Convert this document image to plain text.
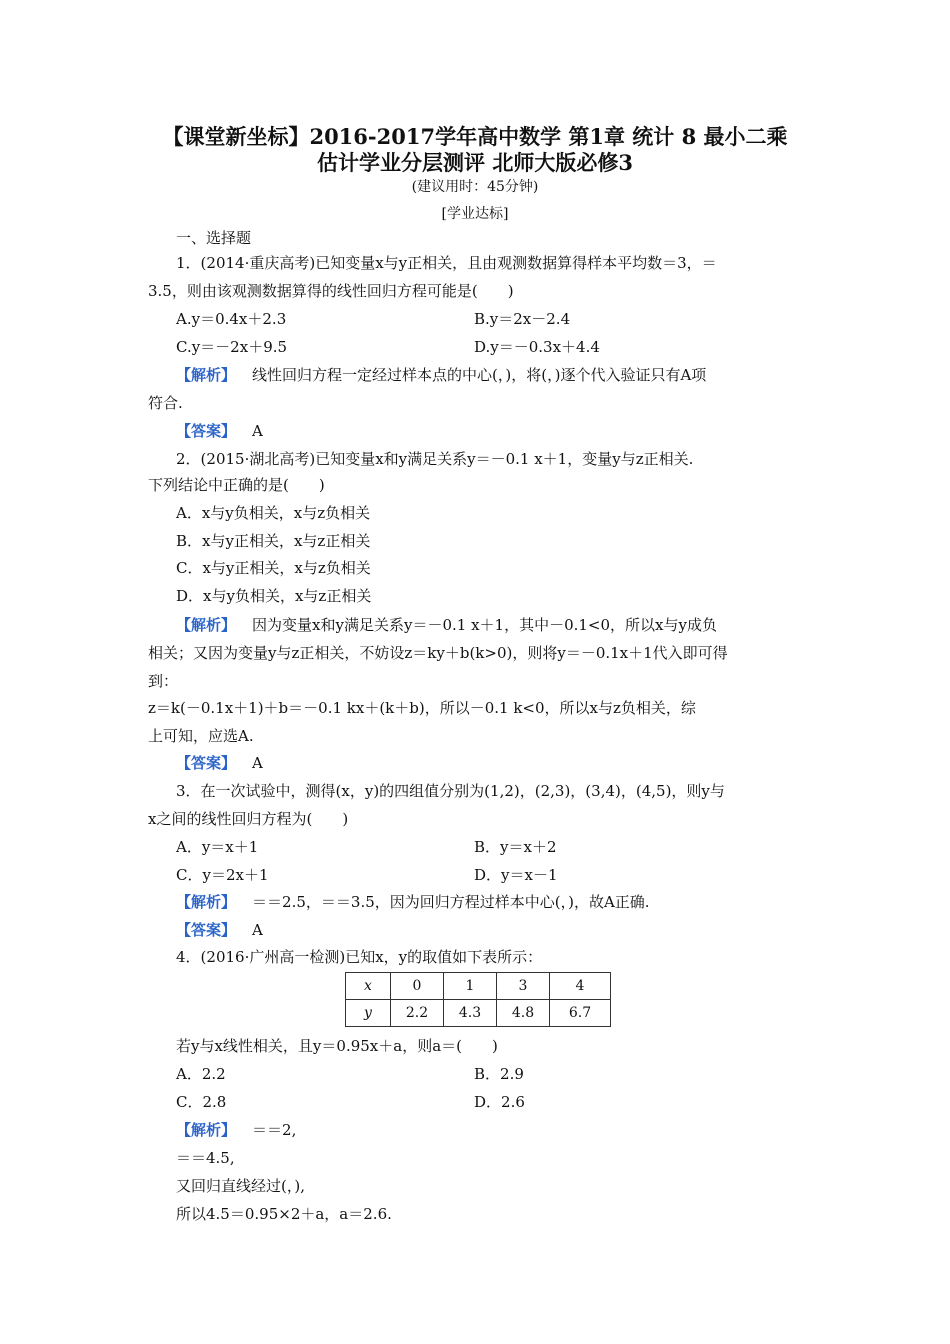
【课堂新坐标】2016-2017学年高中数学 第1章 统计 8 最小二乘
估计学业分层测评 北师大版必修3
(建议用时：45分钟)
[学业达标]
一、选择题
1．(2014·重庆高考)已知变量x与y正相关，且由观测数据算得样本平均数＝3，＝
3.5，则由该观测数据算得的线性回归方程可能是(　　)
A.y＝0.4x＋2.3	B.y＝2x－2.4
C.y＝－2x＋9.5	D.y＝－0.3x＋4.4
【 解析 】 线性回归方程一定经过样本点的中心(，)，将(，)逐个代入验证只有A项
符合.
【 答案 】 A
2．(2015·湖北高考)已知变量x和y满足关系y＝－0.1 x＋1，变量y与z正相关.
下列结论中正确的是(　　)
A．x与y负相关，x与z负相关
B．x与y正相关，x与z正相关
C．x与y正相关，x与z负相关
D．x与y负相关，x与z正相关
【 解析 】 因为变量x和y满足关系y＝－0.1 x＋1，其中－0.1<0，所以x与y成负
相关；又因为变量y与z正相关，不妨设z＝ky＋b(k>0)，则将y＝－0.1x＋1代入即可得
到：
z＝k(－0.1x＋1)＋b＝－0.1 kx＋(k＋b)，所以－0.1 k<0，所以x与z负相关，综
上可知，应选A.
【 答案 】 A
3．在一次试验中，测得(x，y)的四组值分别为(1,2)，(2,3)，(3,4)，(4,5)，则y与
x之间的线性回归方程为(　　)
A．y＝x＋1	B．y＝x＋2
C．y＝2x＋1	D．y＝x－1
【 解析 】 ＝＝2.5，＝＝3.5，因为回归方程过样本中心(，)，故A正确.
【 答案 】 A
4．(2016·广州高一检测)已知x，y的取值如下表所示：
x	0	1	3	4
y	2.2	4.3	4.8	6.7
若y与x线性相关，且y＝0.95x＋a，则a＝(　　)
A．2.2	B．2.9
C．2.8	D．2.6
【 解析 】 ＝＝2,
＝＝4.5,
又回归直线经过(，),
所以4.5＝0.95×2＋a，a＝2.6.
